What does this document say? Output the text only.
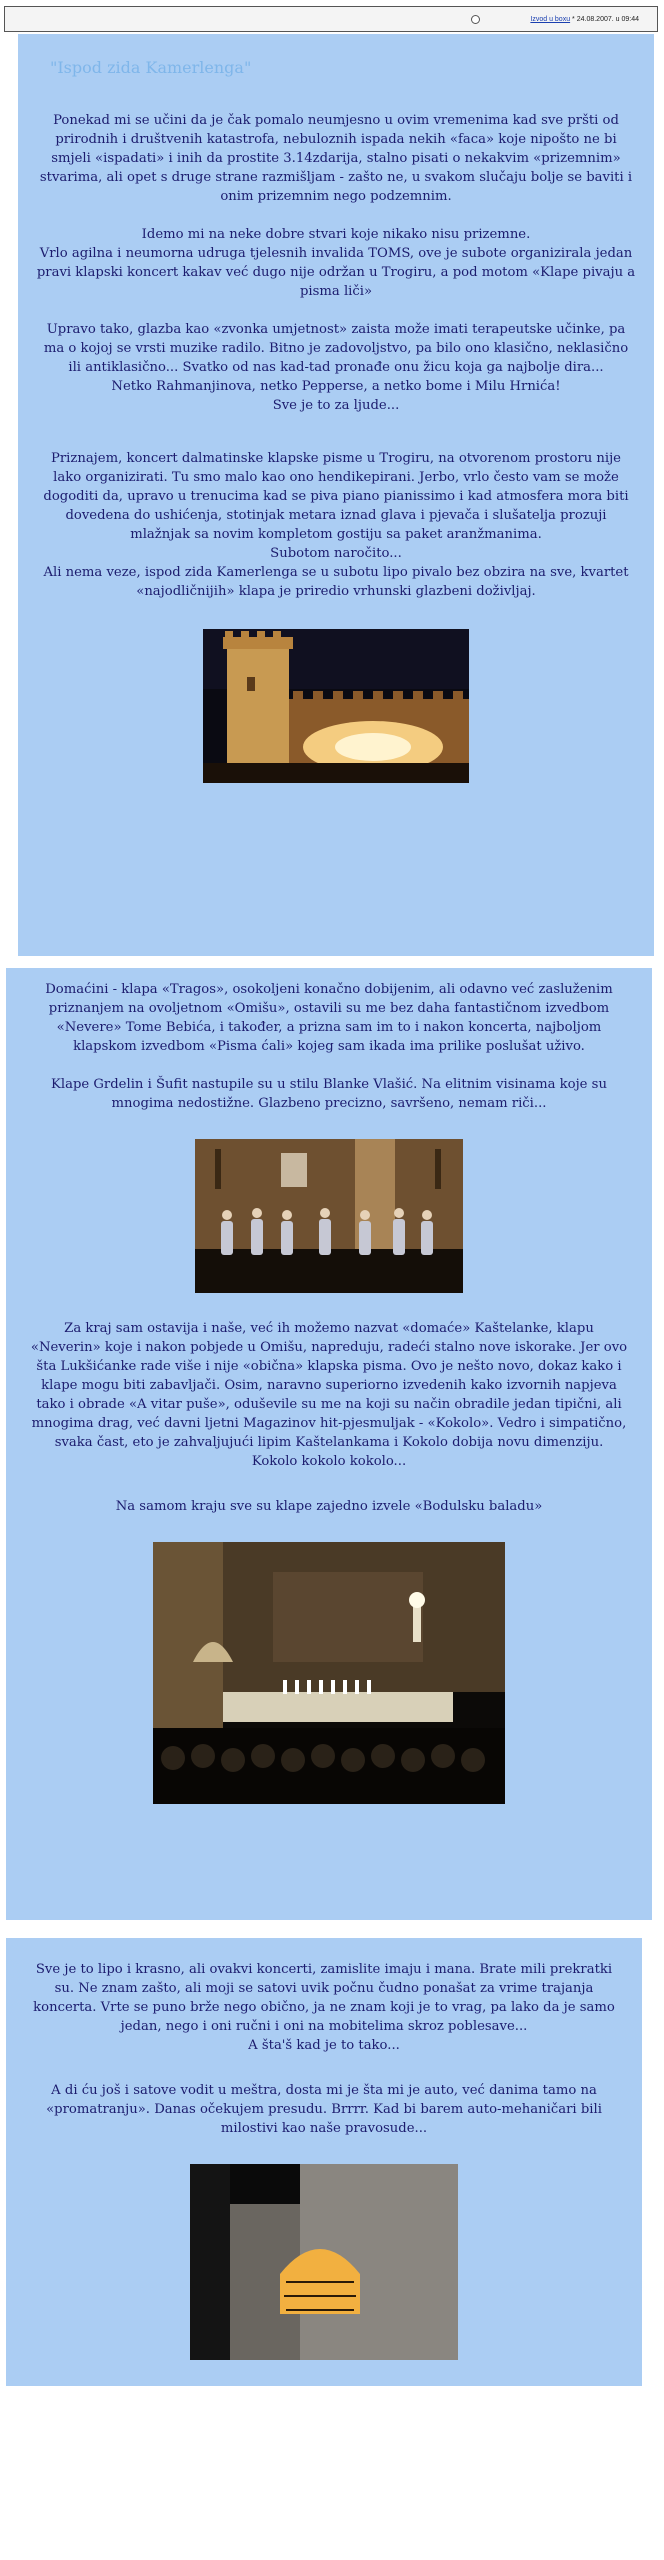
Izvod u boxu * 24.08.2007. u 09:44
"Ispod zida Kamerlenga"

Ponekad mi se učini da je čak pomalo neumjesno u ovim vremenima kad sve pršti od prirodnih i društvenih katastrofa, nebuloznih ispada nekih «faca» koje nipošto ne bi smjeli «ispadati» i inih da prostite 3.14zdarija, stalno pisati o nekakvim «prizemnim» stvarima, ali opet s druge strane razmišljam - zašto ne, u svakom slučaju bolje se baviti i onim prizemnim nego podzemnim.

Idemo mi na neke dobre stvari koje nikako nisu prizemne.
Vrlo agilna i neumorna udruga tjelesnih invalida TOMS, ove je subote organizirala jedan pravi klapski koncert kakav već dugo nije održan u Trogiru, a pod motom «Klape pivaju a pisma liči»

Upravo tako, glazba kao «zvonka umjetnost» zaista može imati terapeutske učinke, pa ma o kojoj se vrsti muzike radilo. Bitno je zadovoljstvo, pa bilo ono klasično, neklasično ili antiklasično... Svatko od nas kad-tad pronađe onu žicu koja ga najbolje dira...
Netko Rahmanjinova, netko Pepperse, a netko bome i Milu Hrnića!
Sve je to za ljude...

Priznajem, koncert dalmatinske klapske pisme u Trogiru, na otvorenom prostoru nije lako organizirati. Tu smo malo kao ono hendikepirani. Jerbo, vrlo često vam se može dogoditi da, upravo u trenucima kad se piva piano pianissimo i kad atmosfera mora biti dovedena do ushićenja, stotinjak metara iznad glava i pjevača i slušatelja prozuji mlažnjak sa novim kompletom gostiju sa paket aranžmanima.
Subotom naročito...
Ali nema veze, ispod zida Kamerlenga se u subotu lipo pivalo bez obzira na sve, kvartet «najodličnijih» klapa je priredio vrhunski glazbeni doživljaj.

Domaćini - klapa «Tragos», osokoljeni konačno dobijenim, ali odavno već zasluženim priznanjem na ovoljetnom «Omišu», ostavili su me bez daha fantastičnom izvedbom «Nevere» Tome Bebića, i također, a prizna sam im to i nakon koncerta, najboljom klapskom izvedbom «Pisma ćali» kojeg sam ikada ima prilike poslušat uživo.

Klape Grdelin i Šufit nastupile su u stilu Blanke Vlašić. Na elitnim visinama koje su mnogima nedostižne. Glazbeno precizno, savršeno, nemam riči...

Za kraj sam ostavija i naše, već ih možemo nazvat «domaće» Kaštelanke, klapu «Neverin» koje i nakon pobjede u Omišu, napreduju, radeći stalno nove iskorake. Jer ovo šta Lukšićanke rade više i nije «obična» klapska pisma. Ovo je nešto novo, dokaz kako i klape mogu biti zabavljači. Osim, naravno superiorno izvedenih kako izvornih napjeva tako i obrade «A vitar puše», oduševile su me na koji su način obradile jedan tipični, ali mnogima drag, već davni ljetni Magazinov hit-pjesmuljak - «Kokolo». Vedro i simpatično, svaka čast, eto je zahvaljujući lipim Kaštelankama i Kokolo dobija novu dimenziju.
Kokolo kokolo kokolo...

Na samom kraju sve su klape zajedno izvele «Bodulsku baladu»

Sve je to lipo i krasno, ali ovakvi koncerti, zamislite imaju i mana. Brate mili prekratki su. Ne znam zašto, ali moji se satovi uvik počnu čudno ponašat za vrime trajanja koncerta. Vrte se puno brže nego obično, ja ne znam koji je to vrag, pa lako da je samo jedan, nego i oni ručni i oni na mobitelima skroz poblesave...
A šta'š kad je to tako...

A di ću još i satove vodit u meštra, dosta mi je šta mi je auto, već danima tamo na «promatranju». Danas očekujem presudu. Brrrr. Kad bi barem auto-mehaničari bili milostivi kao naše pravosude...
